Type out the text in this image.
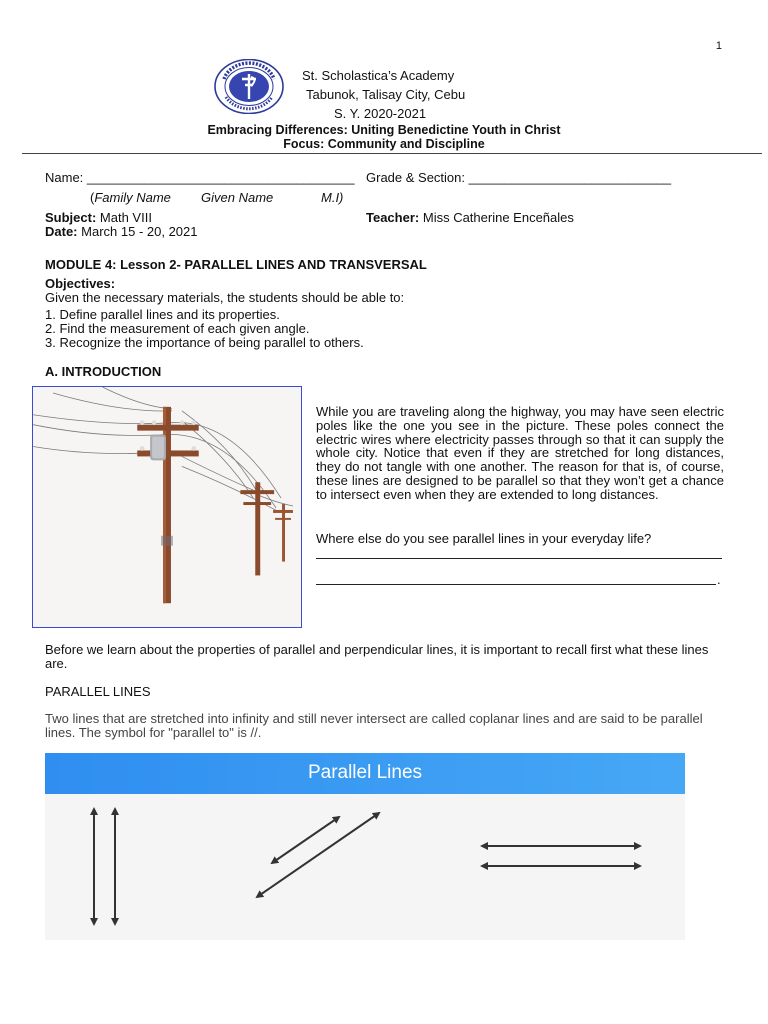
1
St. Scholastica’s Academy
Tabunok, Talisay City, Cebu
S. Y. 2020-2021
Embracing Differences: Uniting Benedictine Youth in Christ
Focus: Community and Discipline
Name: _____________________________________ Grade & Section: ____________________________
(Family Name Given Name	M.I)
Subject: Math VIII	Teacher: Miss Catherine Enceñales
Date: March 15 - 20, 2021
MODULE 4: Lesson 2- PARALLEL LINES AND TRANSVERSAL
Objectives:
Given the necessary materials, the students should be able to:
1. Define parallel lines and its properties.
2. Find the measurement of each given angle.
3. Recognize the importance of being parallel to others.
A. INTRODUCTION
While you are traveling along the highway, you may have seen electric poles like the one you see in the picture. These poles connect the electric wires where electricity passes through so that it can supply the whole city. Notice that even if they are stretched for long distances, they do not tangle with one another. The reason for that is, of course, these lines are designed to be parallel so that they won’t get a chance to intersect even when they are extended to long distances.
Where else do you see parallel lines in your everyday life?
.
Before we learn about the properties of parallel and perpendicular lines, it is important to recall first what these lines are.
PARALLEL LINES
Two lines that are stretched into infinity and still never intersect are called coplanar lines and are said to be parallel lines. The symbol for "parallel to" is //.
Parallel Lines
